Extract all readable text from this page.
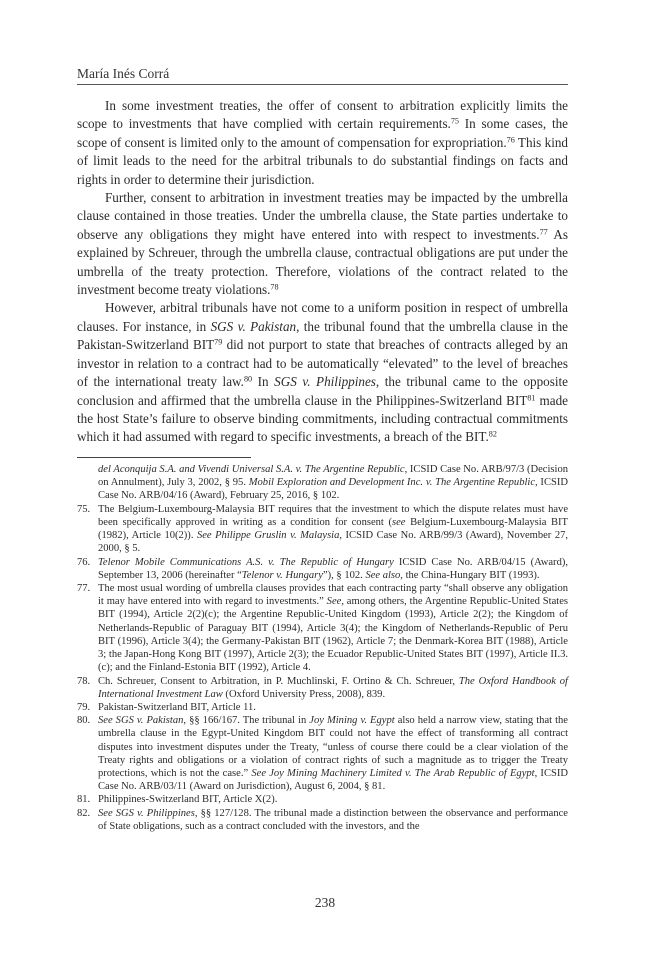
María Inés Corrá

In some investment treaties, the offer of consent to arbitration explicitly limits the scope to investments that have complied with certain requirements.$^{75}$ In some cases, the scope of consent is limited only to the amount of compensation for expropriation.$^{76}$ This kind of limit leads to the need for the arbitral tribunals to do substantial findings on facts and rights in order to determine their jurisdiction.

Further, consent to arbitration in investment treaties may be impacted by the umbrella clause contained in those treaties. Under the umbrella clause, the State parties undertake to observe any obligations they might have entered into with respect to investments.$^{77}$ As explained by Schreuer, through the umbrella clause, contractual obligations are put under the umbrella of the treaty protection. Therefore, violations of the contract related to the investment become treaty violations.$^{78}$

However, arbitral tribunals have not come to a uniform position in respect of umbrella clauses. For instance, in SGS v. Pakistan, the tribunal found that the umbrella clause in the Pakistan-Switzerland BIT$^{79}$ did not purport to state that breaches of contracts alleged by an investor in relation to a contract had to be automatically “elevated” to the level of breaches of the international treaty law.$^{80}$ In SGS v. Philippines, the tribunal came to the opposite conclusion and affirmed that the umbrella clause in the Philippines-Switzerland BIT$^{81}$ made the host State’s failure to observe binding commitments, including contractual commitments which it had assumed with regard to specific investments, a breach of the BIT.$^{82}$

del Aconquija S.A. and Vivendi Universal S.A. v. The Argentine Republic, ICSID Case No. ARB/97/3 (Decision on Annulment), July 3, 2002, § 95. Mobil Exploration and Development Inc. v. The Argentine Republic, ICSID Case No. ARB/04/16 (Award), February 25, 2016, § 102.
75. The Belgium-Luxembourg-Malaysia BIT requires that the investment to which the dispute relates must have been specifically approved in writing as a condition for consent (see Belgium-Luxembourg-Malaysia BIT (1982), Article 10(2)). See Philippe Gruslin v. Malaysia, ICSID Case No. ARB/99/3 (Award), November 27, 2000, § 5.
76. Telenor Mobile Communications A.S. v. The Republic of Hungary ICSID Case No. ARB/04/15 (Award), September 13, 2006 (hereinafter “Telenor v. Hungary”), § 102. See also, the China-Hungary BIT (1993).
77. The most usual wording of umbrella clauses provides that each contracting party “shall observe any obligation it may have entered into with regard to investments.” See, among others, the Argentine Republic-United States BIT (1994), Article 2(2)(c); the Argentine Republic-United Kingdom (1993), Article 2(2); the Kingdom of Netherlands-Republic of Paraguay BIT (1994), Article 3(4); the Kingdom of Netherlands-Republic of Peru BIT (1996), Article 3(4); the Germany-Pakistan BIT (1962), Article 7; the Denmark-Korea BIT (1988), Article 3; the Japan-Hong Kong BIT (1997), Article 2(3); the Ecuador Republic-United States BIT (1997), Article II.3.(c); and the Finland-Estonia BIT (1992), Article 4.
78. Ch. Schreuer, Consent to Arbitration, in P. Muchlinski, F. Ortino & Ch. Schreuer, The Oxford Handbook of International Investment Law (Oxford University Press, 2008), 839.
79. Pakistan-Switzerland BIT, Article 11.
80. See SGS v. Pakistan, §§ 166/167. The tribunal in Joy Mining v. Egypt also held a narrow view, stating that the umbrella clause in the Egypt-United Kingdom BIT could not have the effect of transforming all contract disputes into investment disputes under the Treaty, “unless of course there could be a clear violation of the Treaty rights and obligations or a violation of contract rights of such a magnitude as to trigger the Treaty protections, which is not the case.” See Joy Mining Machinery Limited v. The Arab Republic of Egypt, ICSID Case No. ARB/03/11 (Award on Jurisdiction), August 6, 2004, § 81.
81. Philippines-Switzerland BIT, Article X(2).
82. See SGS v. Philippines, §§ 127/128. The tribunal made a distinction between the observance and performance of State obligations, such as a contract concluded with the investors, and the
238
